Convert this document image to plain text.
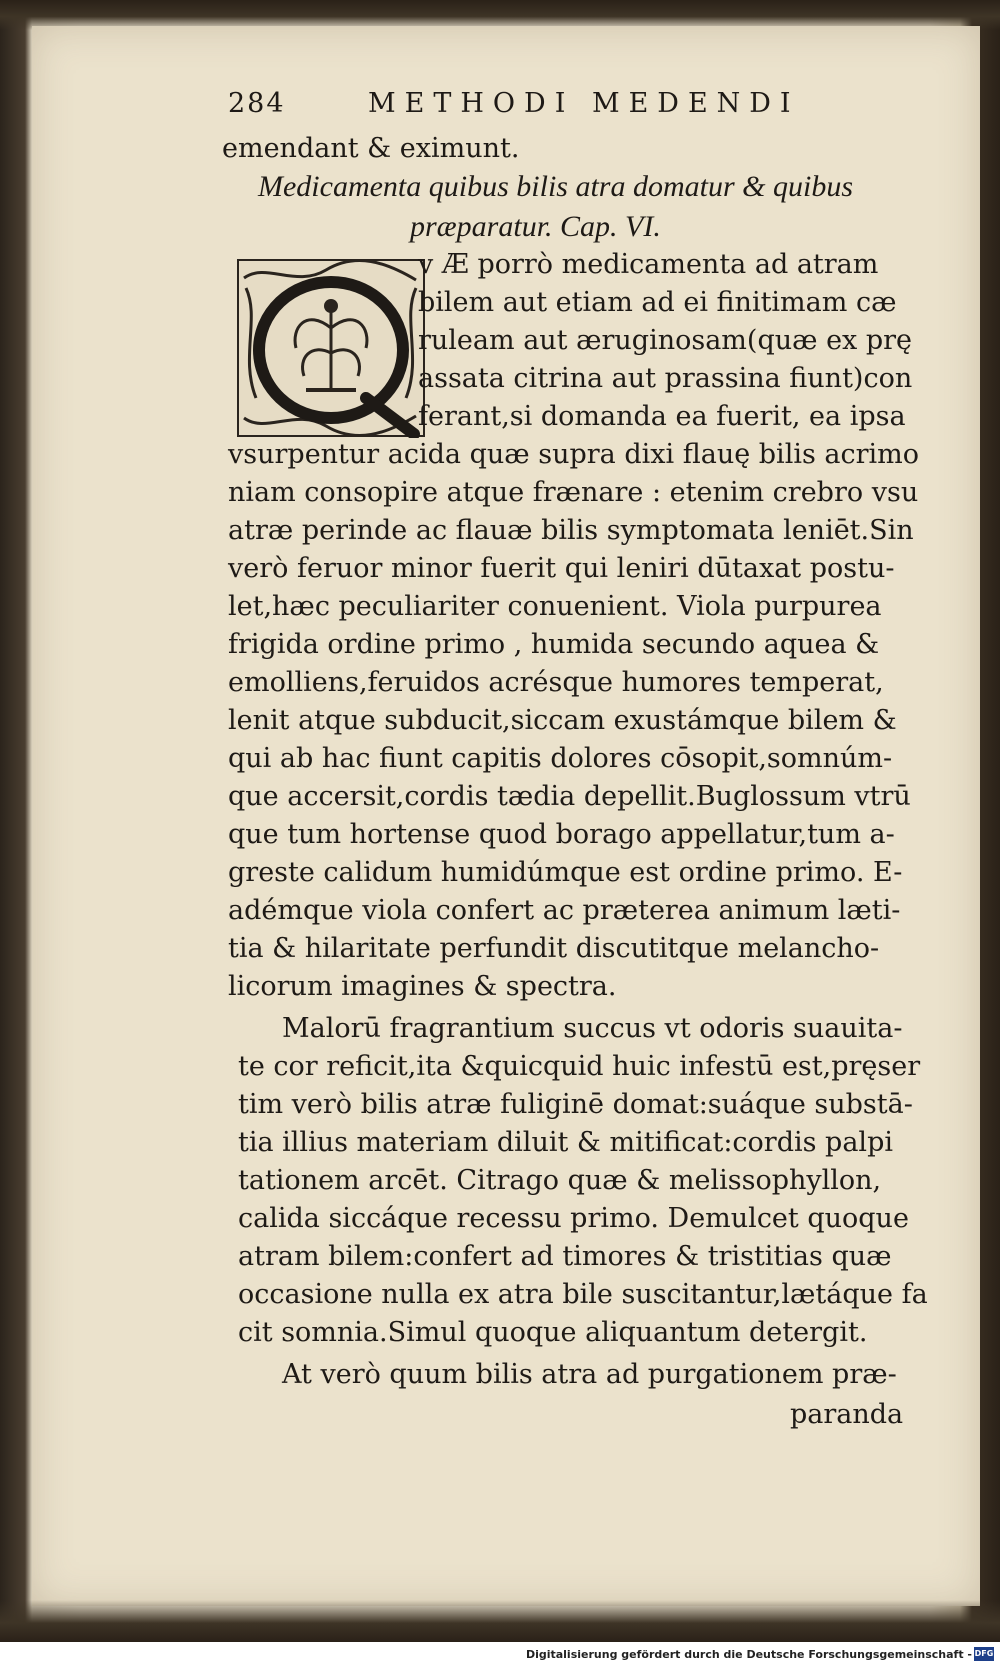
284	METHODI MEDENDI
emendant & eximunt.
Medicamenta quibus bilis atra domatur & quibus
præparatur. Cap. VI.
v Æ porrò medicamenta ad atram
bilem aut etiam ad ei finitimam cæ
ruleam aut æruginosam(quæ ex prę
assata citrina aut prassina fiunt)con
ferant,si domanda ea fuerit, ea ipsa
vsurpentur acida quæ supra dixi flauę bilis acrimo
niam consopire atque frænare : etenim crebro vsu
atræ perinde ac flauæ bilis symptomata leniēt.Sin
verò feruor minor fuerit qui leniri dūtaxat postu-
let,hæc peculiariter conuenient. Viola purpurea
frigida ordine primo , humida secundo aquea &
emolliens,feruidos acrésque humores temperat,
lenit atque subducit,siccam exustámque bilem &
qui ab hac fiunt capitis dolores cōsopit,somnúm-
que accersit,cordis tædia depellit.Buglossum vtrū
que tum hortense quod borago appellatur,tum a-
greste calidum humidúmque est ordine primo. E-
adémque viola confert ac præterea animum læti-
tia & hilaritate perfundit discutitque melancho-
licorum imagines & spectra.
Malorū fragrantium succus vt odoris suauita-
te cor reficit,ita &quicquid huic infestū est,pręser
tim verò bilis atræ fuliginē domat:suáque substā-
tia illius materiam diluit & mitificat:cordis palpi
tationem arcēt. Citrago quæ & melissophyllon,
calida siccáque recessu primo. Demulcet quoque
atram bilem:confert ad timores & tristitias quæ
occasione nulla ex atra bile suscitantur,lætáque fa
cit somnia.Simul quoque aliquantum detergit.
At verò quum bilis atra ad purgationem præ-
paranda
Digitalisierung gefördert durch die Deutsche Forschungsgemeinschaft - DFG
